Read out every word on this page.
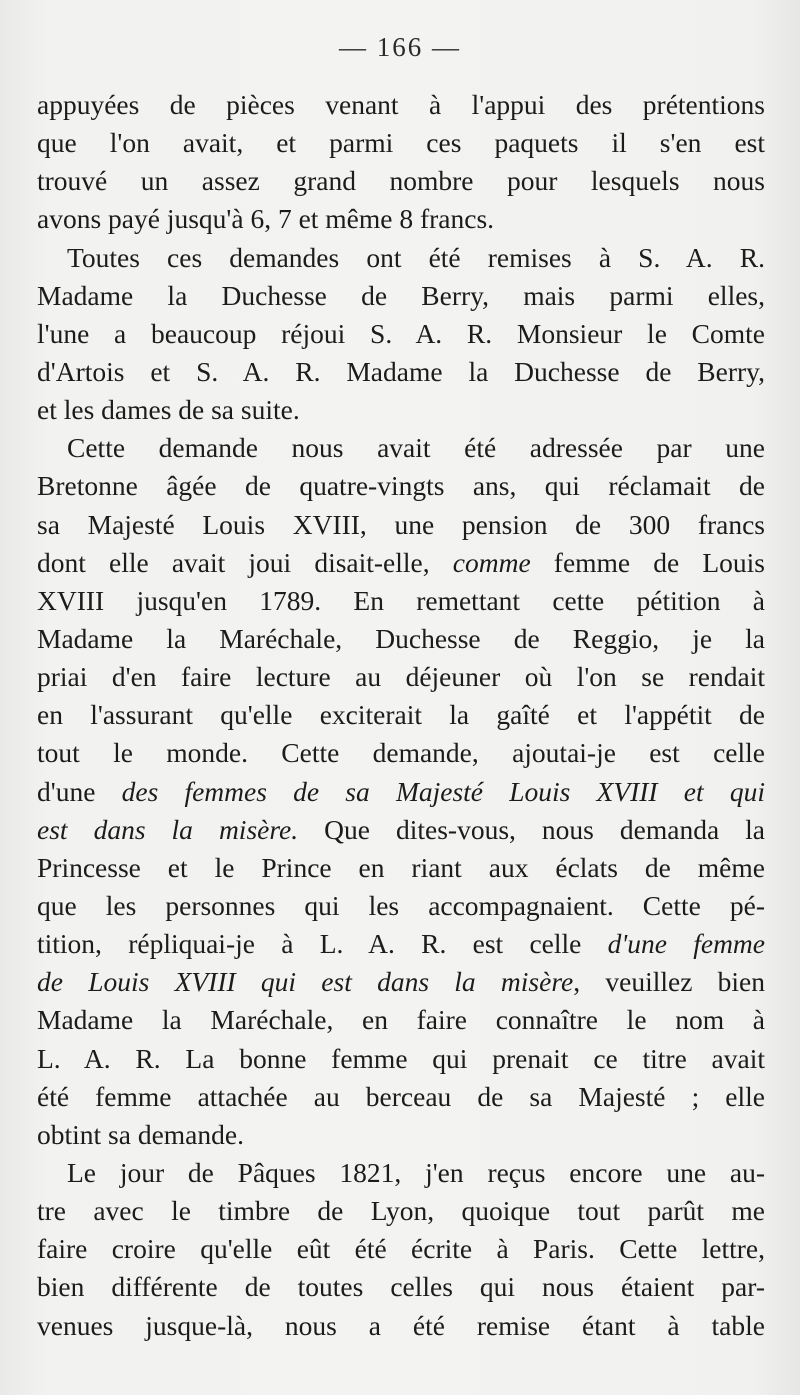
— 166 —
appuyées de pièces venant à l'appui des prétentions
que l'on avait, et parmi ces paquets il s'en est
trouvé un assez grand nombre pour lesquels nous
avons payé jusqu'à 6, 7 et même 8 francs.
Toutes ces demandes ont été remises à S. A. R.
Madame la Duchesse de Berry, mais parmi elles,
l'une a beaucoup réjoui S. A. R. Monsieur le Comte
d'Artois et S. A. R. Madame la Duchesse de Berry,
et les dames de sa suite.
Cette demande nous avait été adressée par une
Bretonne âgée de quatre-vingts ans, qui réclamait de
sa Majesté Louis XVIII, une pension de 300 francs
dont elle avait joui disait-elle, comme femme de Louis
XVIII jusqu'en 1789. En remettant cette pétition à
Madame la Maréchale, Duchesse de Reggio, je la
priai d'en faire lecture au déjeuner où l'on se rendait
en l'assurant qu'elle exciterait la gaîté et l'appétit de
tout le monde. Cette demande, ajoutai-je est celle
d'une des femmes de sa Majesté Louis XVIII et qui
est dans la misère. Que dites-vous, nous demanda la
Princesse et le Prince en riant aux éclats de même
que les personnes qui les accompagnaient. Cette pé-
tition, répliquai-je à L. A. R. est celle d'une femme
de Louis XVIII qui est dans la misère, veuillez bien
Madame la Maréchale, en faire connaître le nom à
L. A. R. La bonne femme qui prenait ce titre avait
été femme attachée au berceau de sa Majesté ; elle
obtint sa demande.
Le jour de Pâques 1821, j'en reçus encore une au-
tre avec le timbre de Lyon, quoique tout parût me
faire croire qu'elle eût été écrite à Paris. Cette lettre,
bien différente de toutes celles qui nous étaient par-
venues jusque-là, nous a été remise étant à table
